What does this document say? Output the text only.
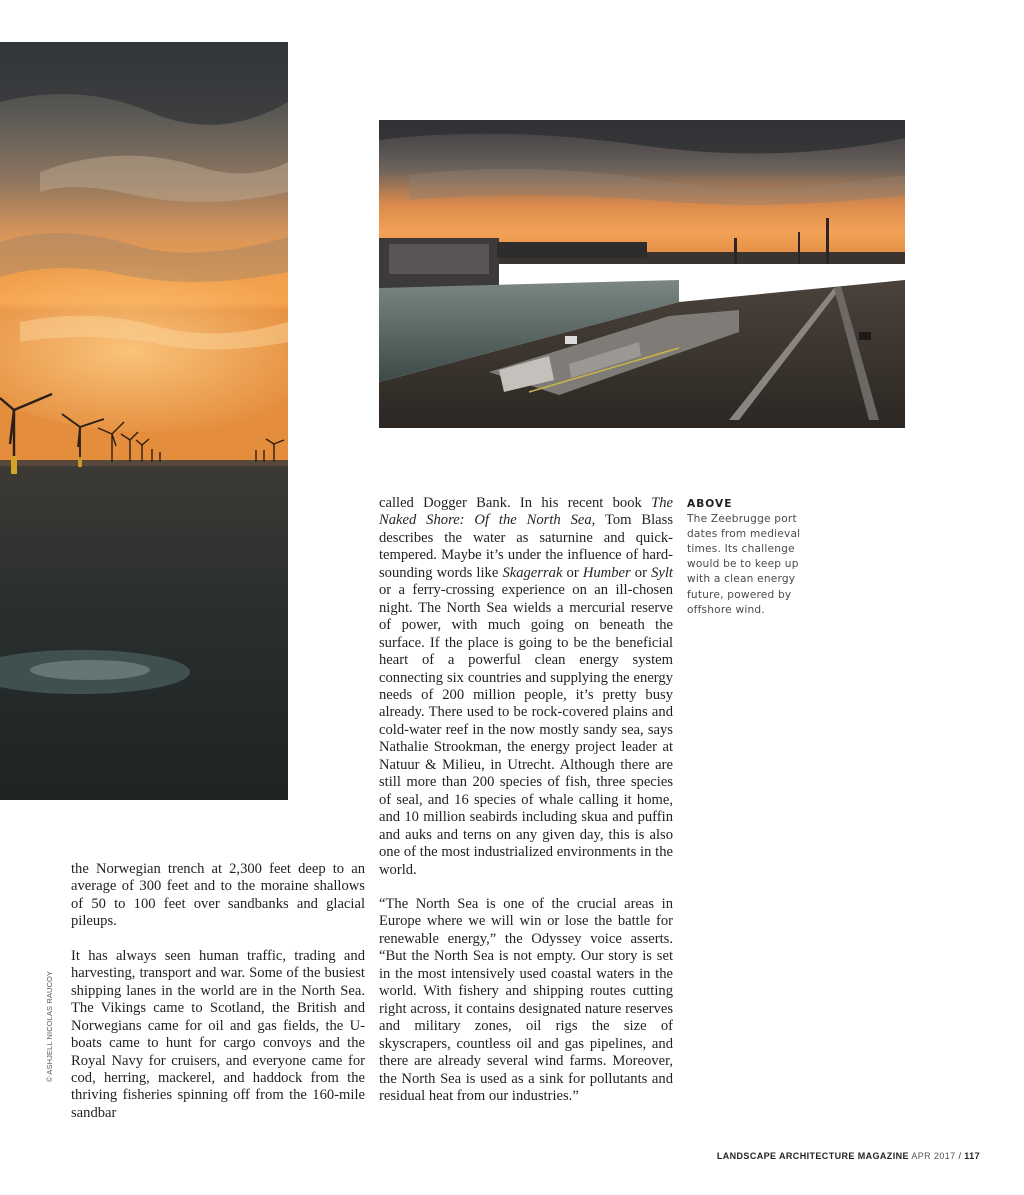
ABOVE
The Zeebrugge port dates from medieval times. Its challenge would be to keep up with a clean energy future, powered by offshore wind.

called Dogger Bank. In his recent book The Naked Shore: Of the North Sea, Tom Blass describes the water as saturnine and quick-tempered. Maybe it’s under the influence of hard-sounding words like Skagerrak or Humber or Sylt or a ferry-crossing experience on an ill-chosen night. The North Sea wields a mercurial reserve of power, with much going on beneath the surface. If the place is going to be the beneficial heart of a powerful clean energy system connecting six countries and supplying the energy needs of 200 million people, it’s pretty busy already. There used to be rock-covered plains and cold-water reef in the now mostly sandy sea, says Nathalie Strookman, the energy project leader at Natuur & Milieu, in Utrecht. Although there are still more than 200 species of fish, three species of seal, and 16 species of whale calling it home, and 10 million seabirds including skua and puffin and auks and terns on any given day, this is also one of the most industrialized environments in the world.

“The North Sea is one of the crucial areas in Europe where we will win or lose the battle for renewable energy,” the Odyssey voice asserts. “But the North Sea is not empty. Our story is set in the most intensively used coastal waters in the world. With fishery and shipping routes cutting right across, it contains designated nature reserves and military zones, oil rigs the size of skyscrapers, countless oil and gas pipelines, and there are already several wind farms. Moreover, the North Sea is used as a sink for pollutants and residual heat from our industries.”

the Norwegian trench at 2,300 feet deep to an average of 300 feet and to the moraine shallows of 50 to 100 feet over sandbanks and glacial pileups.

It has always seen human traffic, trading and harvesting, transport and war. Some of the busiest shipping lanes in the world are in the North Sea. The Vikings came to Scotland, the British and Norwegians came for oil and gas fields, the U-boats came to hunt for cargo convoys and the Royal Navy for cruisers, and everyone came for cod, herring, mackerel, and haddock from the thriving fisheries spinning off from the 160-mile sandbar

© ASHJELL NICOLAS RAUCOY
LANDSCAPE ARCHITECTURE MAGAZINE APR 2017 / 117
